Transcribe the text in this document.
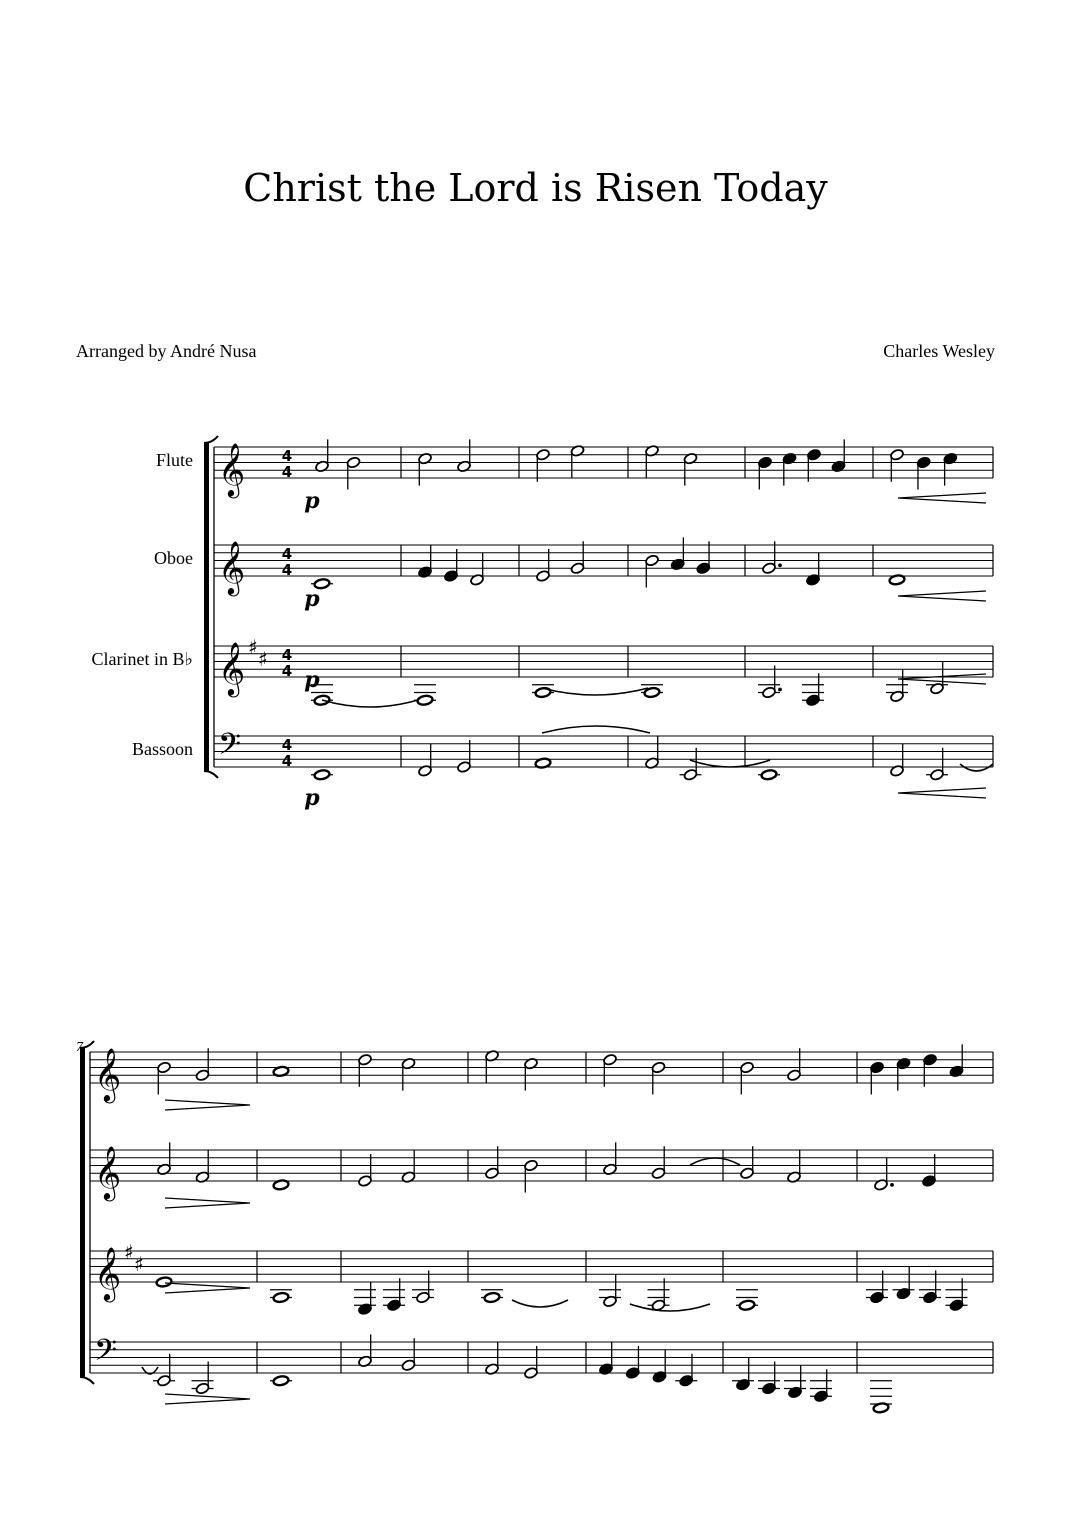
Christ the Lord is Risen Today
Arranged by André Nusa	Charles Wesley
𝄞 4
4
Flute
p
𝄞 4
4
Oboe
p
𝄞 ♯ ♯ 4
4
Clarinet in B♭
p
𝄢	4
4
Bassoon
p
7 𝄞
𝄞
𝄞 ♯ ♯
𝄢
